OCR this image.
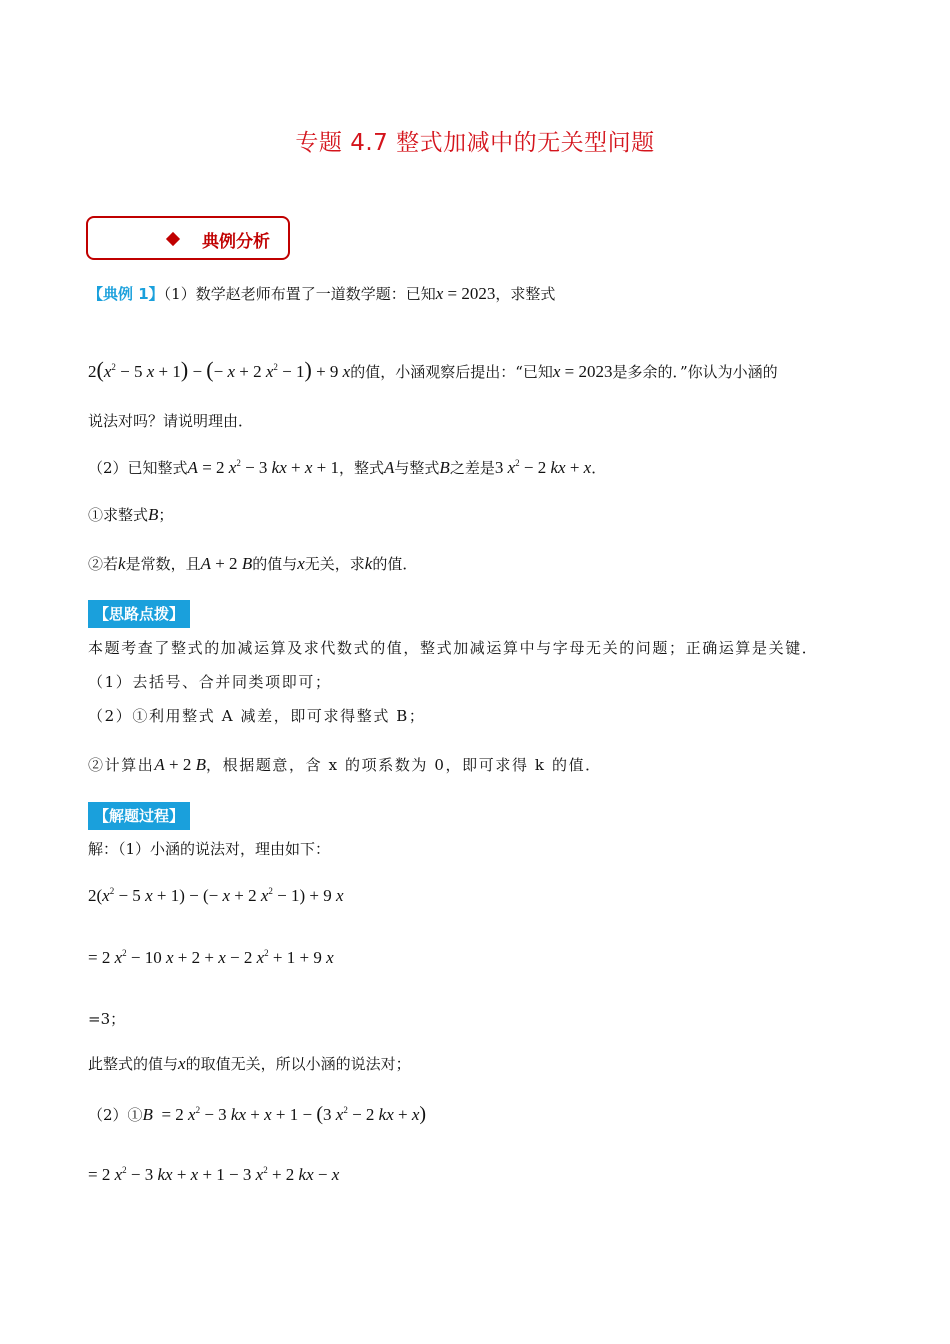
专题 4.7 整式加减中的无关型问题
典例分析
【典例 1】（1）数学赵老师布置了一道数学题：已知x = 2023，求整式
$2(x^2 - 5$ x + 1) − (− x + 2 $x^2 - 1) + 9$ x的值，小涵观察后提出：“已知x = 2023是多余的．”你认为小涵的
说法对吗？请说明理由．
（2）已知整式A = 2 $x^2 - 3$ kx + x + 1，整式A与整式B之差是3 $x^2 - 2$ kx + x．
①求整式B；
②若k是常数，且A + 2 B的值与x无关，求k的值．
【思路点拨】
本题考查了整式的加减运算及求代数式的值，整式加减运算中与字母无关的问题；正确运算是关键．
（1）去括号、合并同类项即可；
（2）①利用整式 A 减差，即可求得整式 B；
②计算出A + 2 B，根据题意，含 x 的项系数为 0，即可求得 k 的值．
【解题过程】
解：（1）小涵的说法对，理由如下：
$2(x^2 - 5$ x + 1) − (− x + 2 $x^2 - 1) + 9$ x
= 2 $x^2 - 10$ x + 2 + x − 2 $x^2 + 1 + 9$ x
=3；
此整式的值与x的取值无关，所以小涵的说法对；
（2）①B  = 2 $x^2 - 3$ kx + x + 1 − (3 $x^2 - 2$ kx + x)
= 2 $x^2 - 3$ kx + x + 1 − 3 $x^2 + 2$ kx − x
